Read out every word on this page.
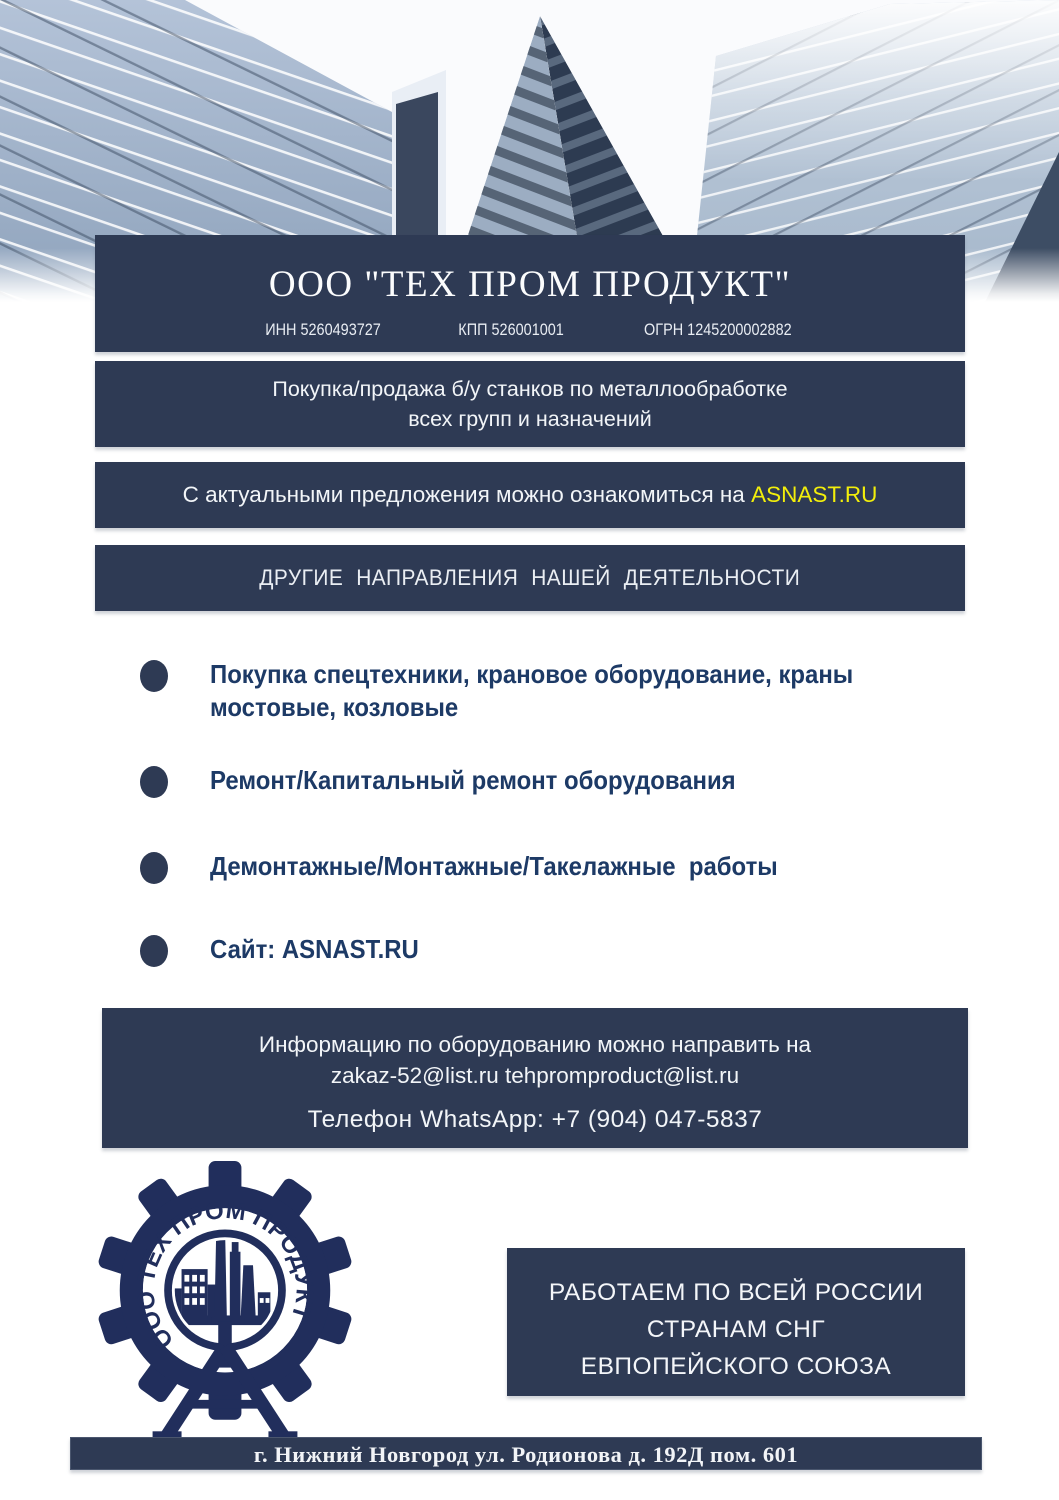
ООО "ТЕХ ПРОМ ПРОДУКТ"
ИНН 5260493727	КПП 526001001	ОГРН 1245200002882
Покупка/продажа б/у станков по металлообработке
всех групп и назначений
С актуальными предложения можно ознакомиться на ASNAST.RU
ДРУГИЕ НАПРАВЛЕНИЯ НАШЕЙ ДЕЯТЕЛЬНОСТИ
Покупка спецтехники, крановое оборудование, краны мостовые, козловые
Ремонт/Капитальный ремонт оборудования
Демонтажные/Монтажные/Такелажные  работы
Сайт: ASNAST.RU
Информацию по оборудованию можно направить на
zakaz-52@list.ru tehpromproduct@list.ru
Телефон WhatsApp: +7 (904) 047-5837
ООО ТЕХ ПРОМ ПРОДУКТ
РАБОТАЕМ ПО ВСЕЙ РОССИИ
СТРАНАМ СНГ
ЕВПОПЕЙСКОГО СОЮЗА
г. Нижний Новгород ул. Родионова д. 192Д пом. 601
